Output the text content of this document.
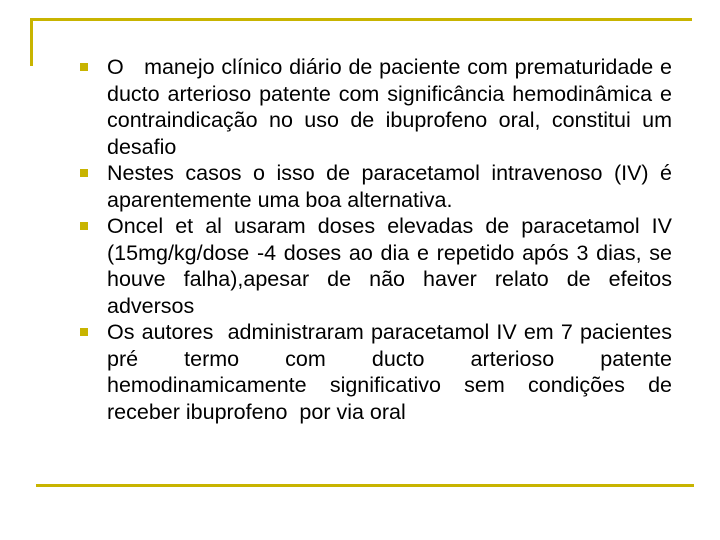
O   manejo clínico diário de paciente com prematuridade e ducto arterioso patente com significância hemodinâmica e contraindicação no uso de ibuprofeno oral, constitui um desafio
Nestes casos o isso de paracetamol intravenoso (IV) é aparentemente uma boa alternativa.
Oncel et al usaram doses elevadas de paracetamol IV (15mg/kg/dose -4 doses ao dia e repetido após 3 dias, se houve falha),apesar de não haver relato de efeitos adversos
Os autores  administraram paracetamol IV em 7 pacientes pré termo com ducto arterioso patente hemodinamicamente significativo sem condições de receber ibuprofeno  por via oral
